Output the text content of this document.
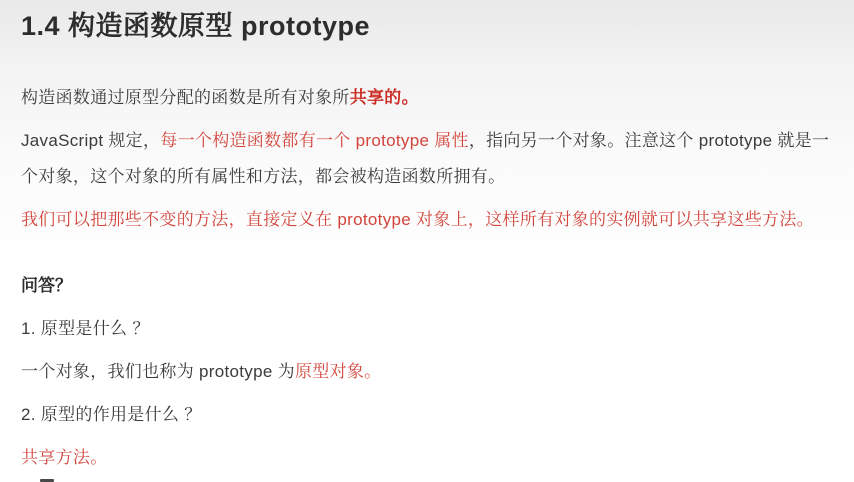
1.4 构造函数原型 prototype

构造函数通过原型分配的函数是所有对象所共享的。

JavaScript 规定，每一个构造函数都有一个 prototype 属性，指向另一个对象。注意这个 prototype 就是一个对象，这个对象的所有属性和方法，都会被构造函数所拥有。

我们可以把那些不变的方法，直接定义在 prototype 对象上，这样所有对象的实例就可以共享这些方法。

问答？

1. 原型是什么 ？

一个对象，我们也称为 prototype 为原型对象。

2. 原型的作用是什么 ？

共享方法。
